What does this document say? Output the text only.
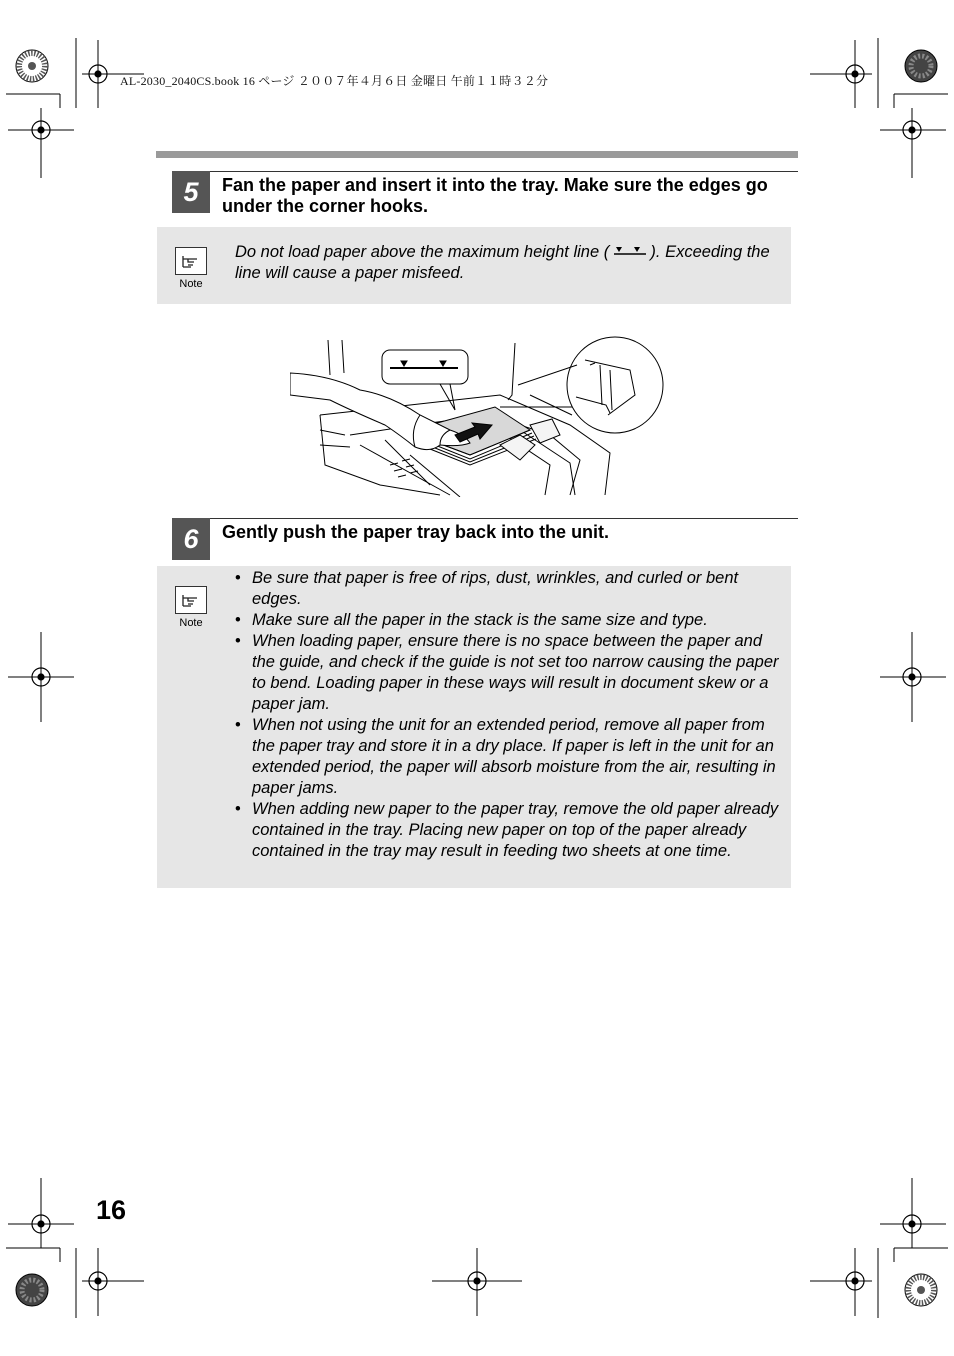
AL-2030_2040CS.book 16 ページ ２００７年４月６日 金曜日 午前１１時３２分
5	Fan the paper and insert it into the tray. Make sure the edges go under the corner hooks.
Note
Do not load paper above the maximum height line ( ). Exceeding the line will cause a paper misfeed.
6	Gently push the paper tray back into the unit.
Note
• Be sure that paper is free of rips, dust, wrinkles, and curled or bent edges.
• Make sure all the paper in the stack is the same size and type.
• When loading paper, ensure there is no space between the paper and the guide, and check if the guide is not set too narrow causing the paper to bend. Loading paper in these ways will result in document skew or a paper jam.
• When not using the unit for an extended period, remove all paper from the paper tray and store it in a dry place. If paper is left in the unit for an extended period, the paper will absorb moisture from the air, resulting in paper jams.
• When adding new paper to the paper tray, remove the old paper already contained in the tray. Placing new paper on top of the paper already contained in the tray may result in feeding two sheets at one time.
16
